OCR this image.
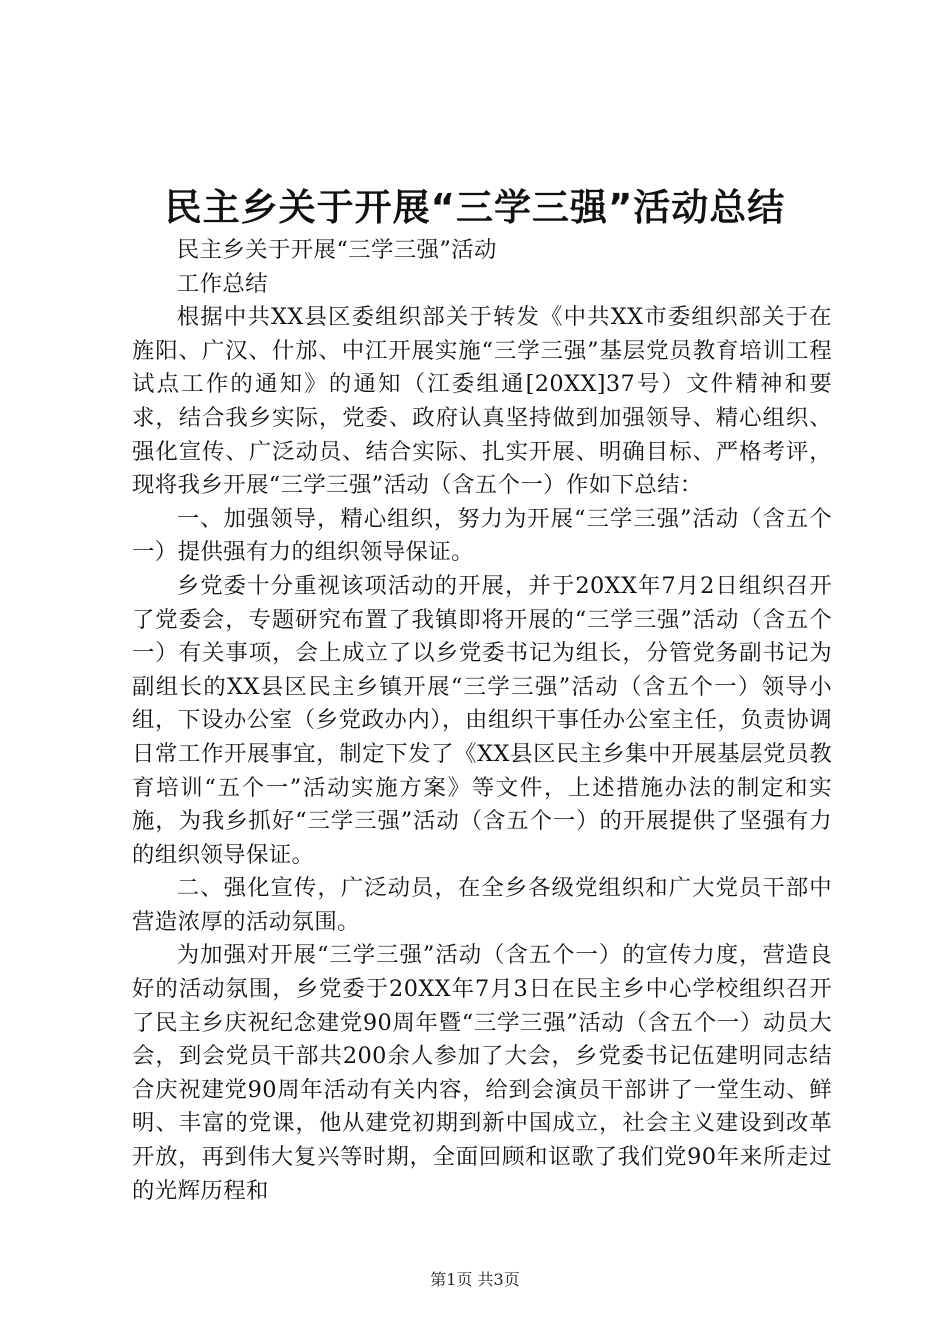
民主乡关于开展“三学三强”活动总结

民主乡关于开展“三学三强”活动

工作总结

根据中共XX县区委组织部关于转发《中共XX市委组织部关于在旌阳、广汉、什邡、中江开展实施“三学三强”基层党员教育培训工程试点工作的通知》的通知（江委组通[20XX]37号）文件精神和要求，结合我乡实际，党委、政府认真坚持做到加强领导、精心组织、强化宣传、广泛动员、结合实际、扎实开展、明确目标、严格考评，现将我乡开展“三学三强”活动（含五个一）作如下总结：

一、加强领导，精心组织，努力为开展“三学三强”活动（含五个一）提供强有力的组织领导保证。

乡党委十分重视该项活动的开展，并于20XX年7月2日组织召开了党委会，专题研究布置了我镇即将开展的“三学三强”活动（含五个一）有关事项，会上成立了以乡党委书记为组长，分管党务副书记为副组长的XX县区民主乡镇开展“三学三强”活动（含五个一）领导小组，下设办公室（乡党政办内），由组织干事任办公室主任，负责协调日常工作开展事宜，制定下发了《XX县区民主乡集中开展基层党员教育培训“五个一”活动实施方案》等文件，上述措施办法的制定和实施，为我乡抓好“三学三强”活动（含五个一）的开展提供了坚强有力的组织领导保证。

二、强化宣传，广泛动员，在全乡各级党组织和广大党员干部中营造浓厚的活动氛围。

为加强对开展“三学三强”活动（含五个一）的宣传力度，营造良好的活动氛围，乡党委于20XX年7月3日在民主乡中心学校组织召开了民主乡庆祝纪念建党90周年暨“三学三强”活动（含五个一）动员大会，到会党员干部共200余人参加了大会，乡党委书记伍建明同志结合庆祝建党90周年活动有关内容，给到会演员干部讲了一堂生动、鲜明、丰富的党课，他从建党初期到新中国成立，社会主义建设到改革开放，再到伟大复兴等时期，全面回顾和讴歌了我们党90年来所走过的光辉历程和

第1页 共3页
